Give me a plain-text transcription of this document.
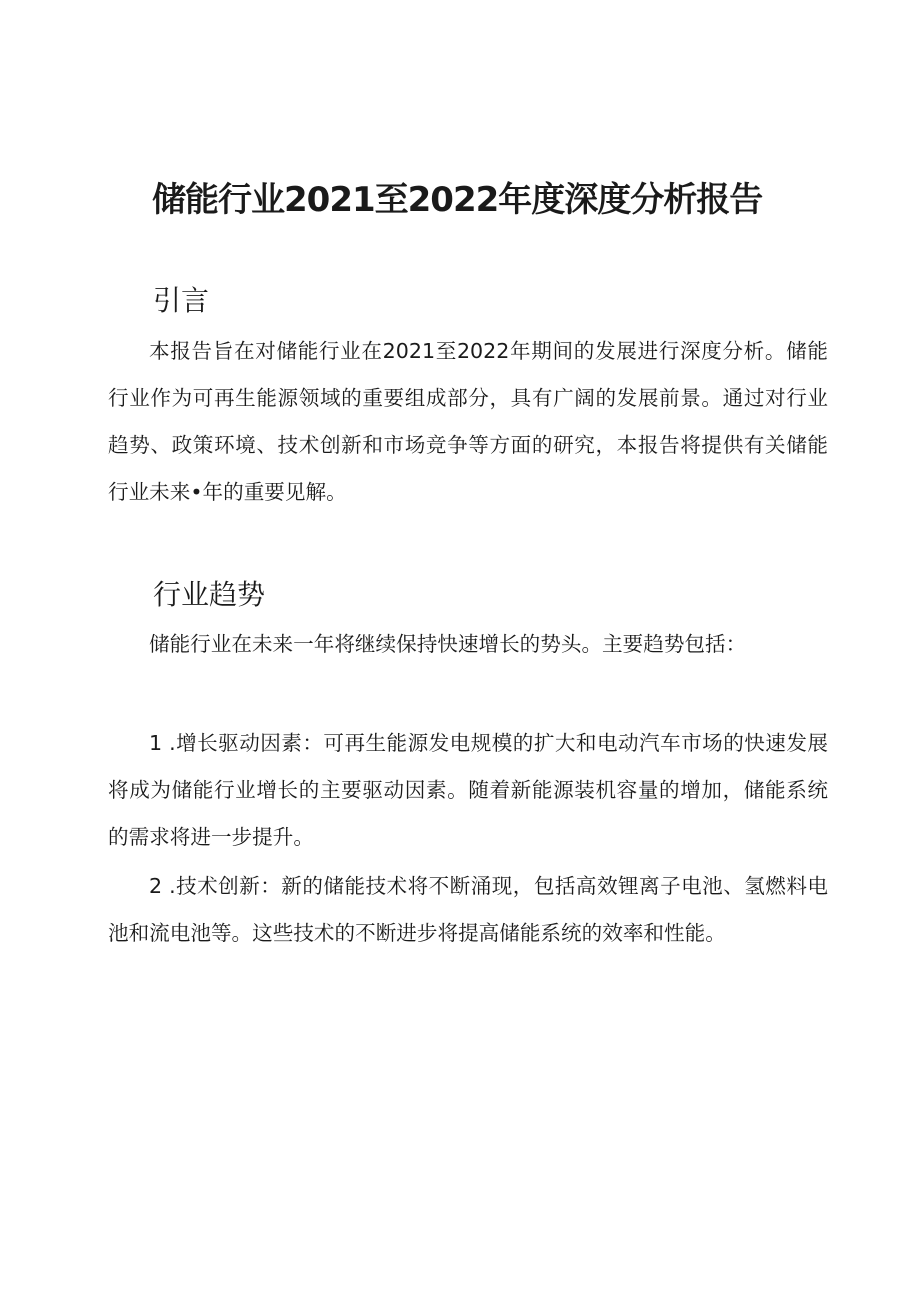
储能行业2021至2022年度深度分析报告
引言

本报告旨在对储能行业在2021至2022年期间的发展进行深度分析。储能行业作为可再生能源领域的重要组成部分，具有广阔的发展前景。通过对行业趋势、政策环境、技术创新和市场竞争等方面的研究，本报告将提供有关储能行业未来•年的重要见解。

行业趋势

储能行业在未来一年将继续保持快速增长的势头。主要趋势包括：

1 .增长驱动因素：可再生能源发电规模的扩大和电动汽车市场的快速发展将成为储能行业增长的主要驱动因素。随着新能源装机容量的增加，储能系统的需求将进一步提升。

2 .技术创新：新的储能技术将不断涌现，包括高效锂离子电池、氢燃料电池和流电池等。这些技术的不断进步将提高储能系统的效率和性能。
